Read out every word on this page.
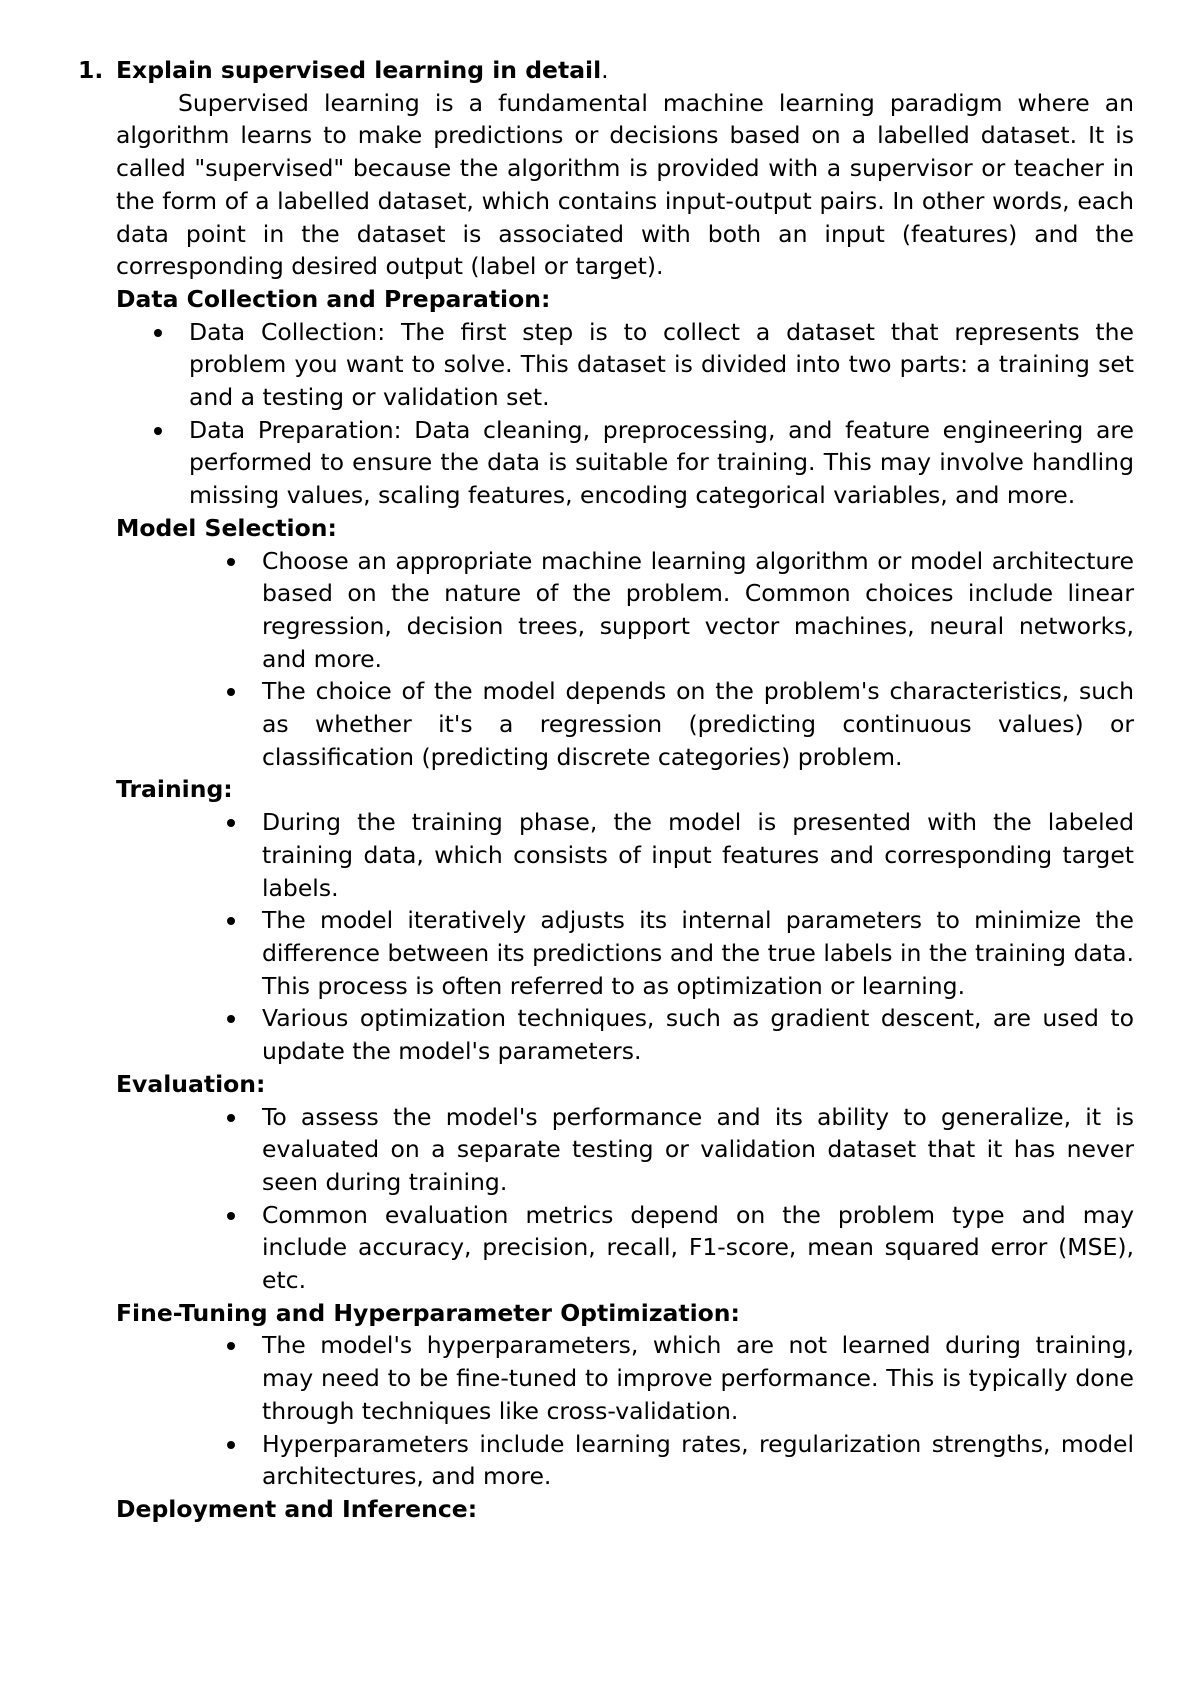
1. Explain supervised learning in detail.

Supervised learning is a fundamental machine learning paradigm where an algorithm learns to make predictions or decisions based on a labelled dataset. It is called "supervised" because the algorithm is provided with a supervisor or teacher in the form of a labelled dataset, which contains input-output pairs. In other words, each data point in the dataset is associated with both an input (features) and the corresponding desired output (label or target).

Data Collection and Preparation:
Data Collection: The first step is to collect a dataset that represents the problem you want to solve. This dataset is divided into two parts: a training set and a testing or validation set.
Data Preparation: Data cleaning, preprocessing, and feature engineering are performed to ensure the data is suitable for training. This may involve handling missing values, scaling features, encoding categorical variables, and more.
Model Selection:
Choose an appropriate machine learning algorithm or model architecture based on the nature of the problem. Common choices include linear regression, decision trees, support vector machines, neural networks, and more.
The choice of the model depends on the problem's characteristics, such as whether it's a regression (predicting continuous values) or classification (predicting discrete categories) problem.
Training:
During the training phase, the model is presented with the labeled training data, which consists of input features and corresponding target labels.
The model iteratively adjusts its internal parameters to minimize the difference between its predictions and the true labels in the training data. This process is often referred to as optimization or learning.
Various optimization techniques, such as gradient descent, are used to update the model's parameters.
Evaluation:
To assess the model's performance and its ability to generalize, it is evaluated on a separate testing or validation dataset that it has never seen during training.
Common evaluation metrics depend on the problem type and may include accuracy, precision, recall, F1-score, mean squared error (MSE), etc.
Fine-Tuning and Hyperparameter Optimization:
The model's hyperparameters, which are not learned during training, may need to be fine-tuned to improve performance. This is typically done through techniques like cross-validation.
Hyperparameters include learning rates, regularization strengths, model architectures, and more.
Deployment and Inference:
